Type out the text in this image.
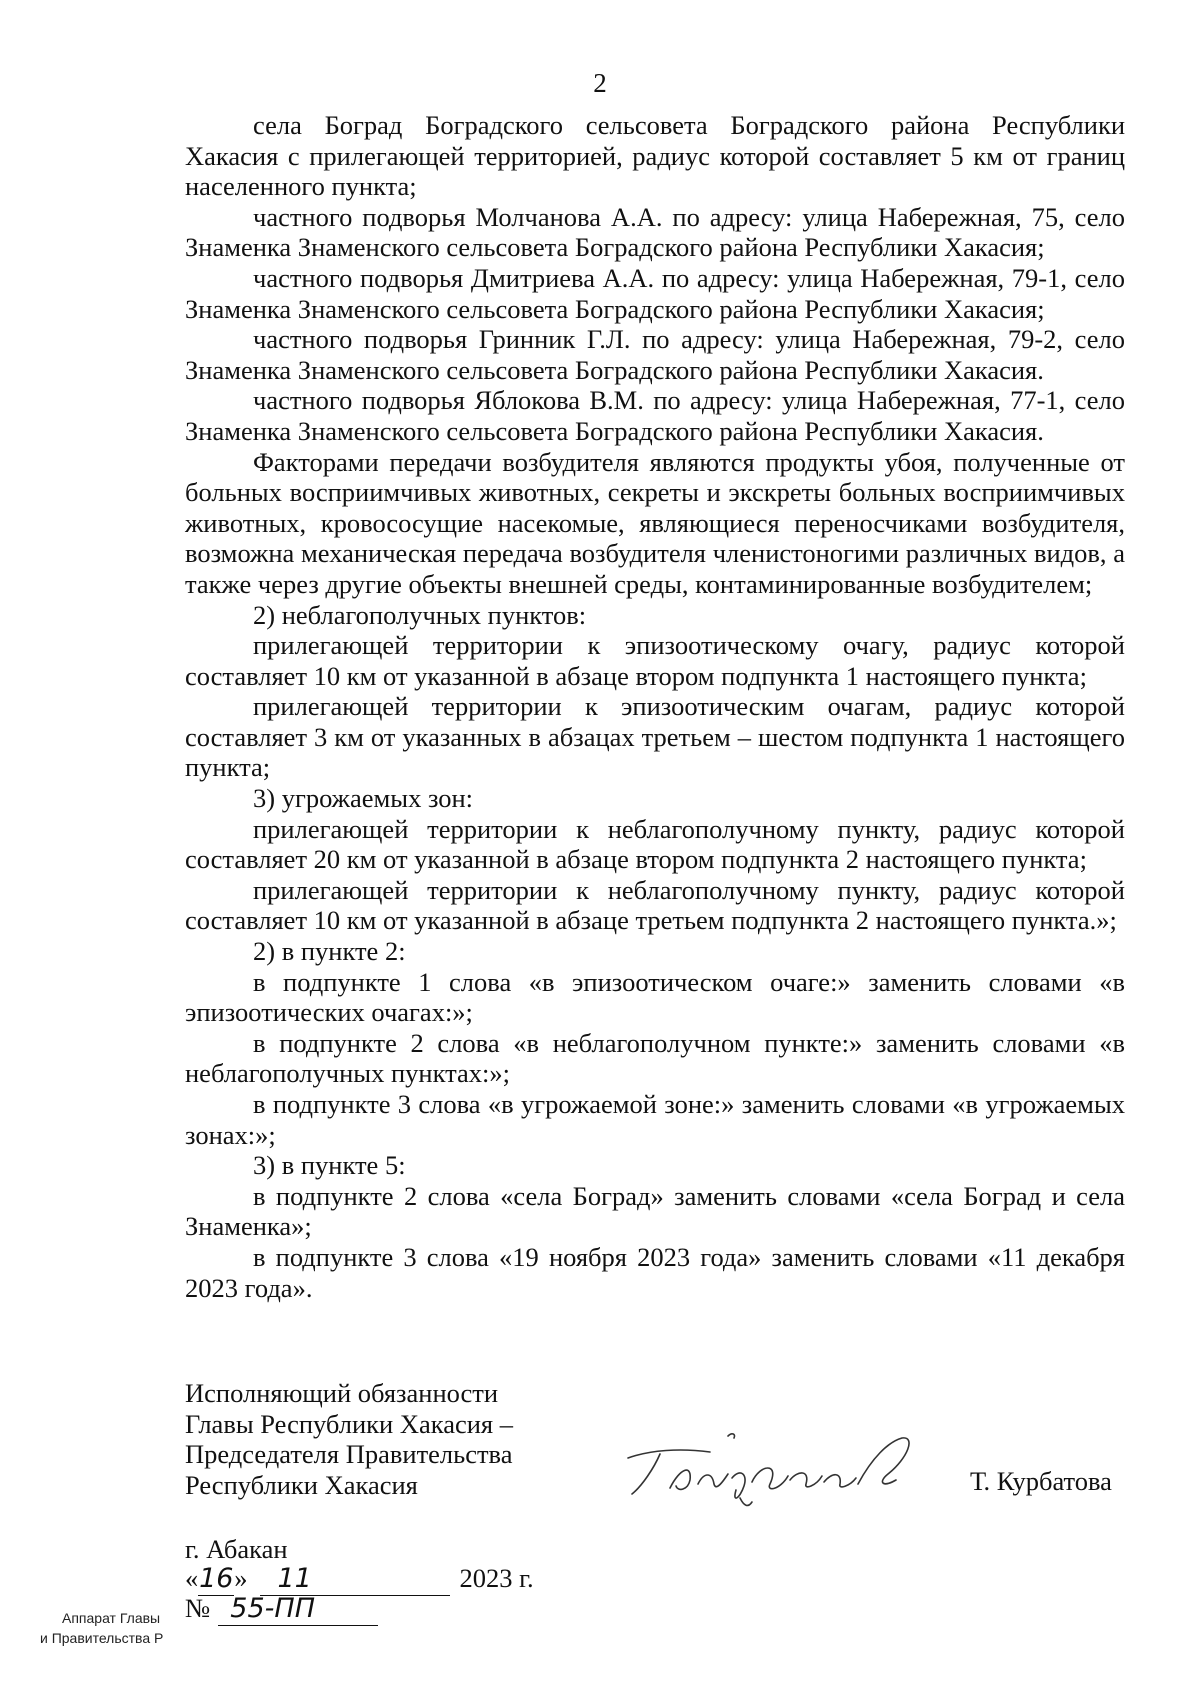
2

села Боград Боградского сельсовета Боградского района Республики Хакасия с прилегающей территорией, радиус которой составляет 5 км от границ населенного пункта;

частного подворья Молчанова А.А. по адресу: улица Набережная, 75, село Знаменка Знаменского сельсовета Боградского района Республики Хакасия;

частного подворья Дмитриева А.А. по адресу: улица Набережная, 79-1, село Знаменка Знаменского сельсовета Боградского района Республики Хакасия;

частного подворья Гринник Г.Л. по адресу: улица Набережная, 79-2, село Знаменка Знаменского сельсовета Боградского района Республики Хакасия.

частного подворья Яблокова В.М. по адресу: улица Набережная, 77-1, село Знаменка Знаменского сельсовета Боградского района Республики Хакасия.

Факторами передачи возбудителя являются продукты убоя, полученные от больных восприимчивых животных, секреты и экскреты больных восприимчивых животных, кровососущие насекомые, являющиеся переносчиками возбудителя, возможна механическая передача возбудителя членистоногими различных видов, а также через другие объекты внешней среды, контаминированные возбудителем;

2) неблагополучных пунктов:

прилегающей территории к эпизоотическому очагу, радиус которой составляет 10 км от указанной в абзаце втором подпункта 1 настоящего пункта;

прилегающей территории к эпизоотическим очагам, радиус которой составляет 3 км от указанных в абзацах третьем – шестом подпункта 1 настоящего пункта;

3) угрожаемых зон:

прилегающей территории к неблагополучному пункту, радиус которой составляет 20 км от указанной в абзаце втором подпункта 2 настоящего пункта;

прилегающей территории к неблагополучному пункту, радиус которой составляет 10 км от указанной в абзаце третьем подпункта 2 настоящего пункта.»;

2) в пункте 2:

в подпункте 1 слова «в эпизоотическом очаге:» заменить словами «в эпизоотических очагах:»;

в подпункте 2 слова «в неблагополучном пункте:» заменить словами «в неблагополучных пунктах:»;

в подпункте 3 слова «в угрожаемой зоне:» заменить словами «в угрожаемых зонах:»;

3) в пункте 5:

в подпункте 2 слова «села Боград» заменить словами «села Боград и села Знаменка»;

в подпункте 3 слова «19 ноября 2023 года» заменить словами «11 декабря 2023 года».

Исполняющий обязанности
Главы Республики Хакасия –
Председателя Правительства
Республики Хакасия	Т. Курбатова
г. Абакан
«16» 11	2023 г.
№ 55-ПП
Аппарат Главы
и Правительства Р
